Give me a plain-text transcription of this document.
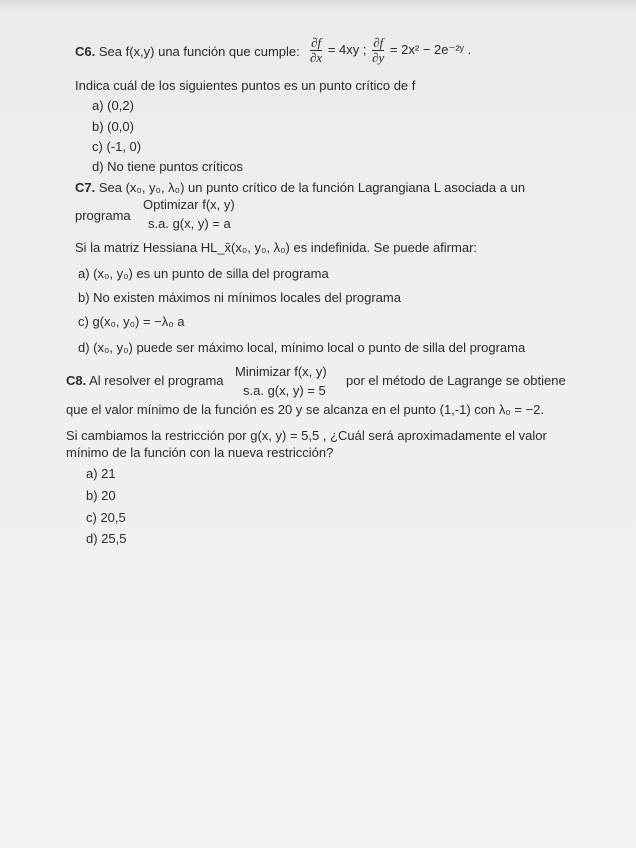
C6. Sea f(x,y) una función que cumple: $\frac{\partial f}{\partial x} = 4xy$ ; $\frac{\partial f}{\partial y} = 2x^2$ − 2e⁻²ʸ .
Indica cuál de los siguientes puntos es un punto crítico de f
a) (0,2)
b) (0,0)
c) (-1, 0)
d) No tiene puntos críticos
C7. Sea (x₀, y₀, λ₀) un punto crítico de la función Lagrangiana L asociada a un
programa
Optimizar f(x, y)
s.a. g(x, y) = a
Si la matriz Hessiana HL_x̄(x₀, y₀, λ₀) es indefinida. Se puede afirmar:
a) (x₀, y₀) es un punto de silla del programa
b) No existen máximos ni mínimos locales del programa
c) g(x₀, y₀) = −λ₀ a
d) (x₀, y₀) puede ser máximo local, mínimo local o punto de silla del programa
C8. Al resolver el programa
Minimizar f(x, y)
s.a. g(x, y) = 5
por el método de Lagrange se obtiene
que el valor mínimo de la función es 20 y se alcanza en el punto (1,-1) con λ₀ = −2.
Si cambiamos la restricción por g(x, y) = 5,5 , ¿Cuál será aproximadamente el valor
mínimo de la función con la nueva restricción?
a) 21
b) 20
c) 20,5
d) 25,5
